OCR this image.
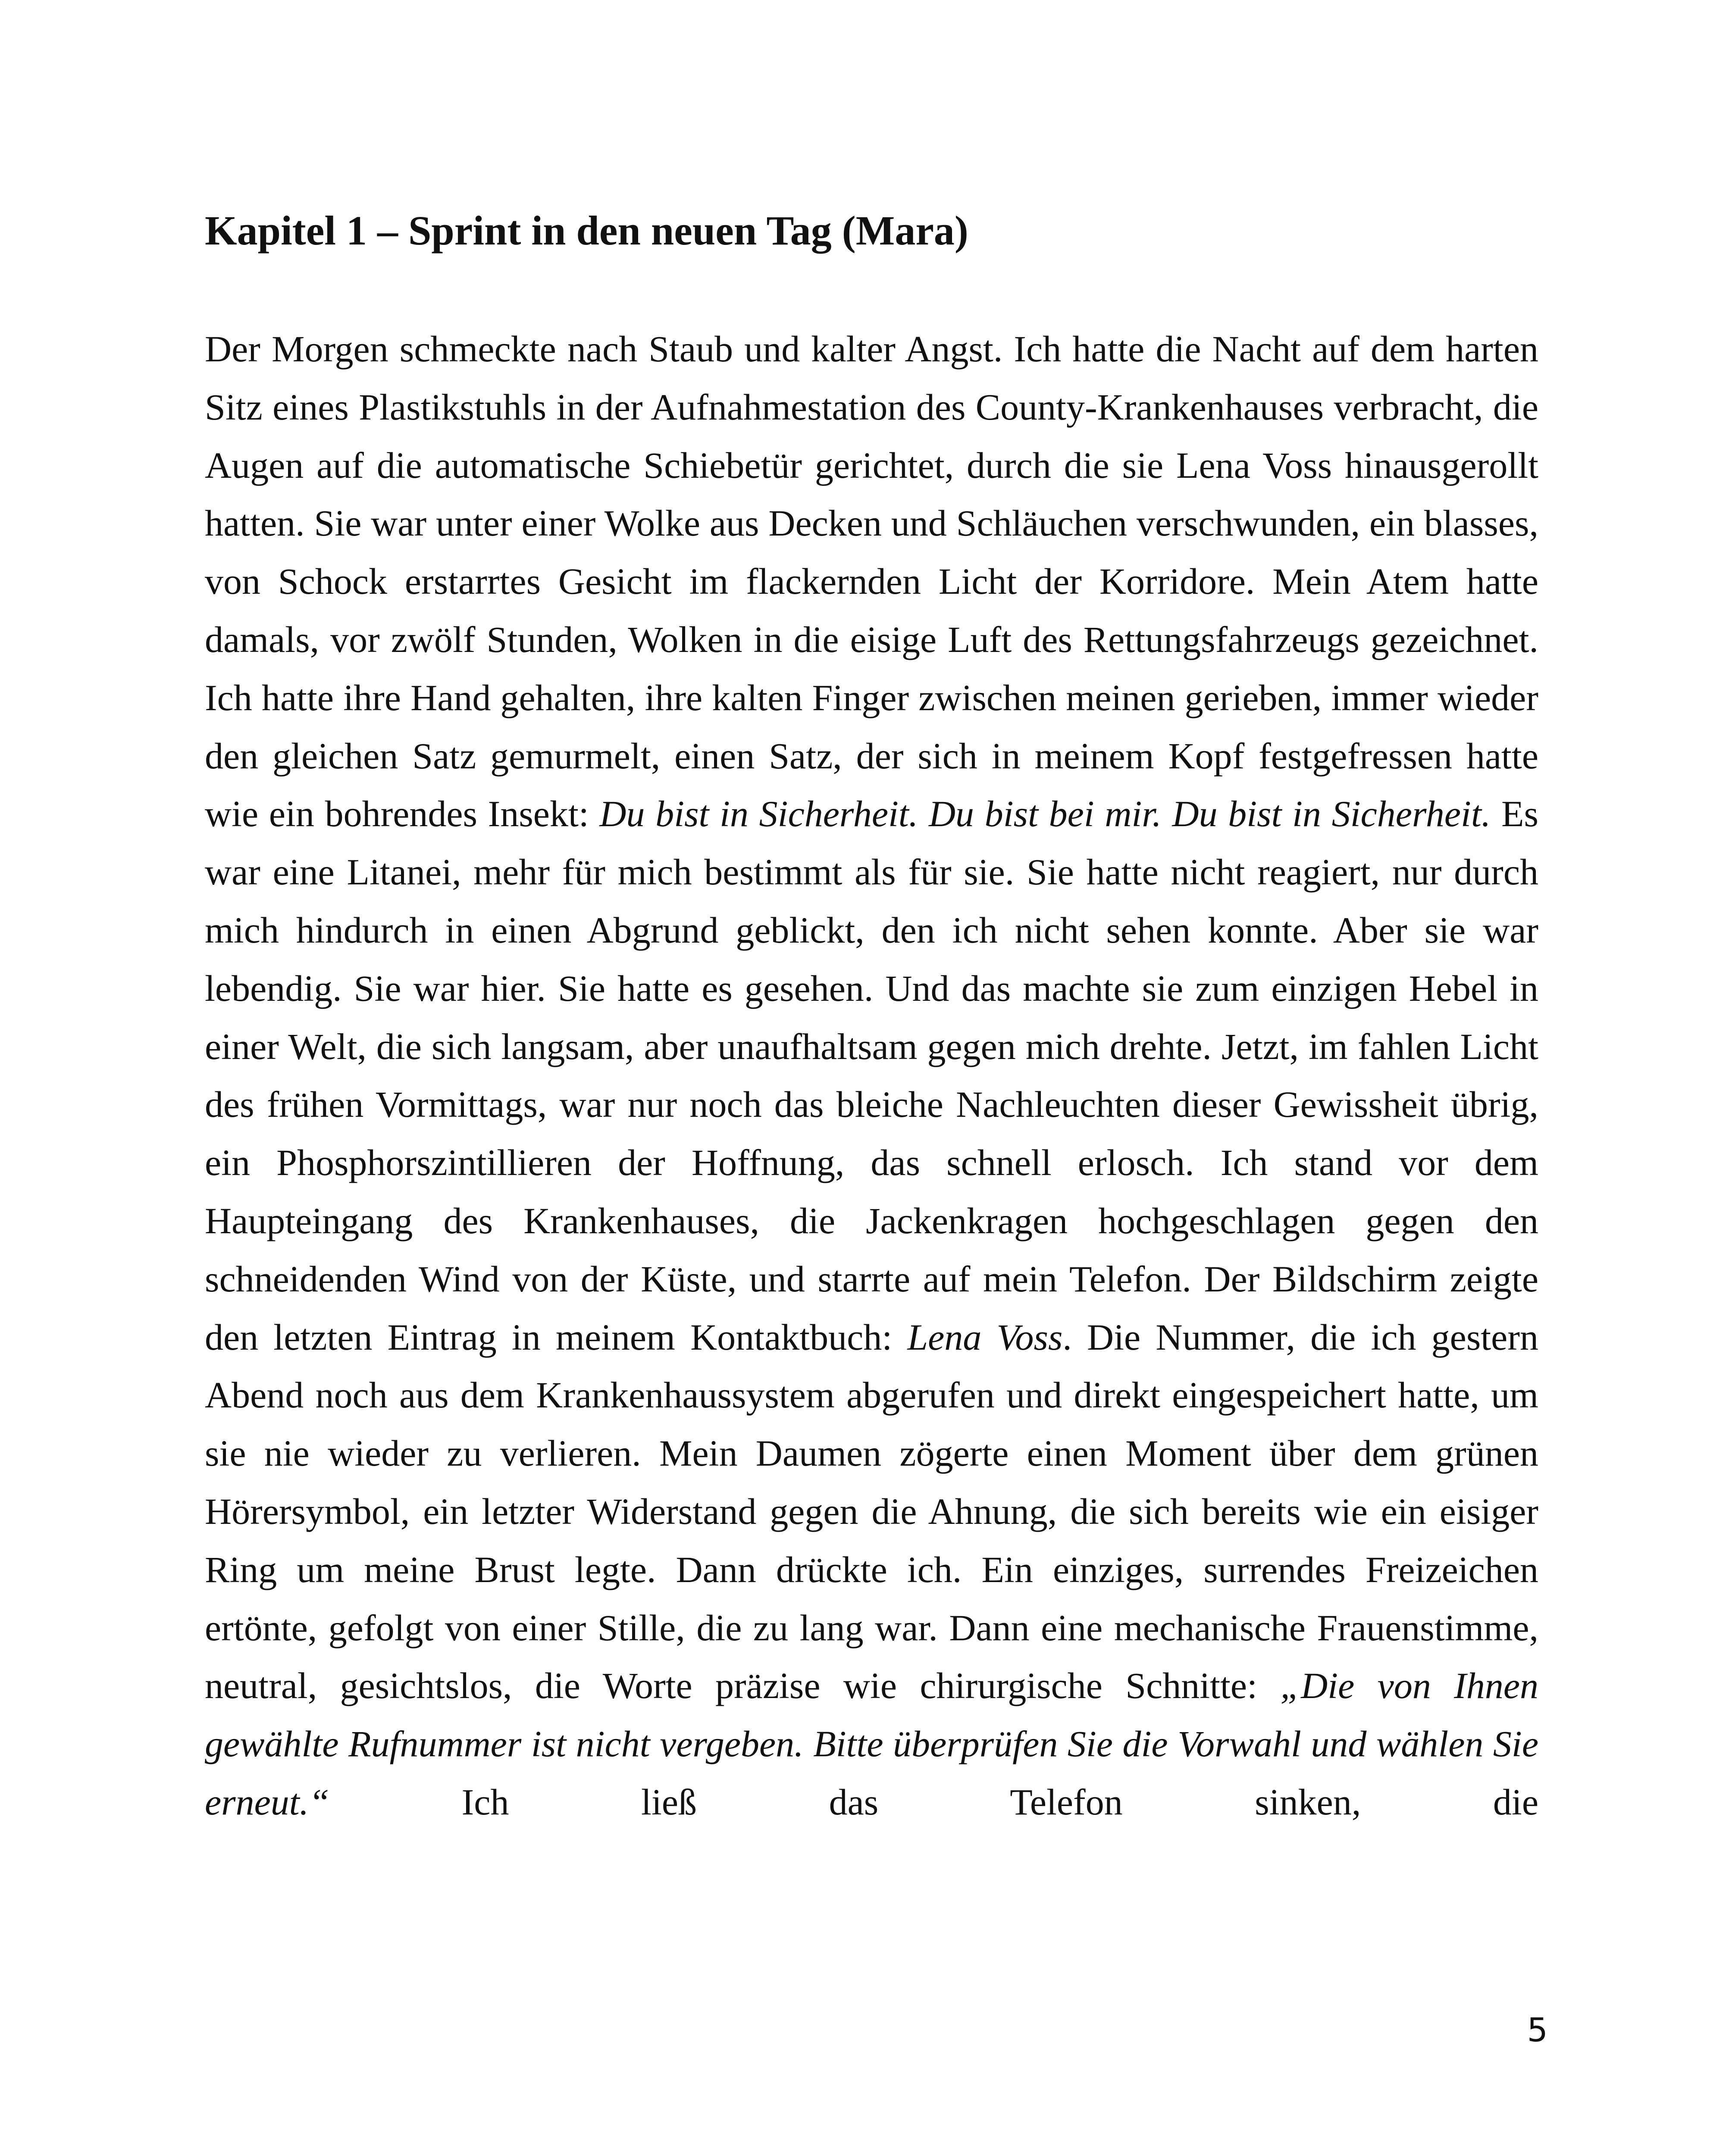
Kapitel 1 – Sprint in den neuen Tag (Mara)

Der Morgen schmeckte nach Staub und kalter Angst. Ich hatte die Nacht auf dem harten Sitz eines Plastikstuhls in der Aufnahmestation des County-Krankenhauses verbracht, die Augen auf die automatische Schiebetür gerichtet, durch die sie Lena Voss hinausgerollt hatten. Sie war unter einer Wolke aus Decken und Schläuchen verschwunden, ein blasses, von Schock erstarrtes Gesicht im flackernden Licht der Korridore. Mein Atem hatte damals, vor zwölf Stunden, Wolken in die eisige Luft des Rettungsfahrzeugs gezeichnet. Ich hatte ihre Hand gehalten, ihre kalten Finger zwischen meinen gerieben, immer wieder den gleichen Satz gemurmelt, einen Satz, der sich in meinem Kopf festgefressen hatte wie ein bohrendes Insekt: Du bist in Sicherheit. Du bist bei mir. Du bist in Sicherheit. Es war eine Litanei, mehr für mich bestimmt als für sie. Sie hatte nicht reagiert, nur durch mich hindurch in einen Abgrund geblickt, den ich nicht sehen konnte. Aber sie war lebendig. Sie war hier. Sie hatte es gesehen. Und das machte sie zum einzigen Hebel in einer Welt, die sich langsam, aber unaufhaltsam gegen mich drehte. Jetzt, im fahlen Licht des frühen Vormittags, war nur noch das bleiche Nachleuchten dieser Gewissheit übrig, ein Phosphorszintillieren der Hoffnung, das schnell erlosch. Ich stand vor dem Haupteingang des Krankenhauses, die Jackenkragen hochgeschlagen gegen den schneidenden Wind von der Küste, und starrte auf mein Telefon. Der Bildschirm zeigte den letzten Eintrag in meinem Kontaktbuch: Lena Voss. Die Nummer, die ich gestern Abend noch aus dem Krankenhaussystem abgerufen und direkt eingespeichert hatte, um sie nie wieder zu verlieren. Mein Daumen zögerte einen Moment über dem grünen Hörersymbol, ein letzter Widerstand gegen die Ahnung, die sich bereits wie ein eisiger Ring um meine Brust legte. Dann drückte ich. Ein einziges, surrendes Freizeichen ertönte, gefolgt von einer Stille, die zu lang war. Dann eine mechanische Frauenstimme, neutral, gesichtslos, die Worte präzise wie chirurgische Schnitte: „Die von Ihnen gewählte Rufnummer ist nicht vergeben. Bitte überprüfen Sie die Vorwahl und wählen Sie erneut.“ Ich ließ das Telefon sinken, die

5
